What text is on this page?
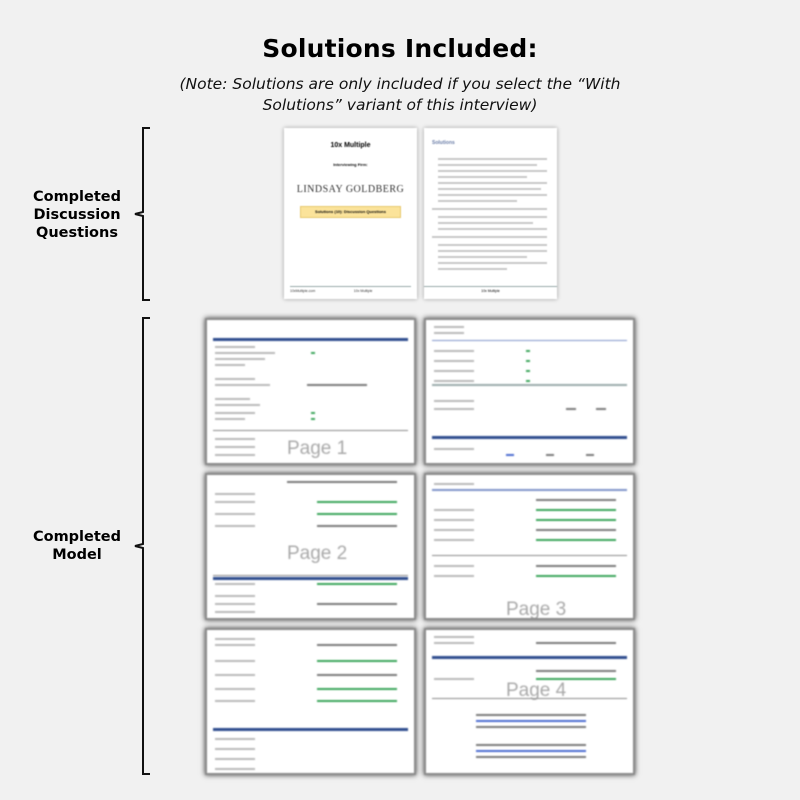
Solutions Included:
(Note: Solutions are only included if you select the “With Solutions” variant of this interview)
Completed Discussion Questions
10x Multiple
Interviewing Firm:
LINDSAY GOLDBERG
Solutions (10): Discussion Questions
10xMultiple.com	10x Multiple
Solutions
10x Multiple
Completed Model
Page 1
Page 2
Page 3
Page 4
